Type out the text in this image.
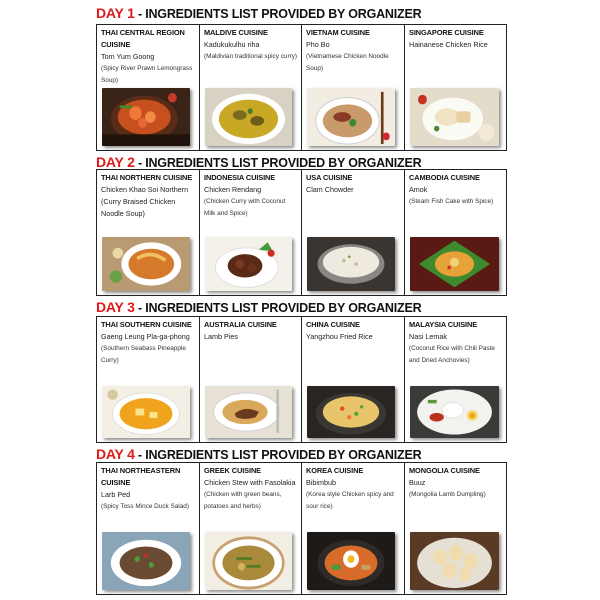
DAY 1 - INGREDIENTS LIST PROVIDED BY ORGANIZER
THAI CENTRAL REGION CUISINE
Tom Yum Goong
(Spicy River Prawn Lemongrass Soup)
MALDIVE CUISINE
Kadukukulhu riha
(Maldivian traditional spicy curry)
VIETNAM CUISINE
Pho Bo
(Vietnamese Chicken Noodle Soup)
SINGAPORE CUISINE
Hainanese Chicken Rice
DAY 2 - INGREDIENTS LIST PROVIDED BY ORGANIZER
THAI NORTHERN CUISINE
Chicken Khao Soi Northern (Curry Braised Chicken Noodle Soup)
INDONESIA CUISINE
Chicken Rendang
(Chicken Curry with Coconut Milk and Spice)
USA CUISINE
Clam Chowder
CAMBODIA CUISINE
Amok
(Steam Fish Cake with Spice)
DAY 3 - INGREDIENTS LIST PROVIDED BY ORGANIZER
THAI SOUTHERN CUISINE
Gaeng Leung Pla-ga-phong
(Southern Seabass Pineapple Curry)
AUSTRALIA CUISINE
Lamb Pies
CHINA CUISINE
Yangzhou Fried Rice
MALAYSIA CUISINE
Nasi Lemak
(Coconut Rice with Chili Paste and Dried Anchovies)
DAY 4 - INGREDIENTS LIST PROVIDED BY ORGANIZER
THAI NORTHEASTERN CUISINE
Larb Ped
(Spicy Toss Mince Duck Salad)
GREEK CUISINE
Chicken Stew with Fasolakia
(Chicken with green beans, potatoes and herbs)
KOREA CUISINE
Bibimbub
(Korea style Chicken spicy and sour rice)
MONGOLIA CUISINE
Buuz
(Mongolia Lamb Dumpling)
